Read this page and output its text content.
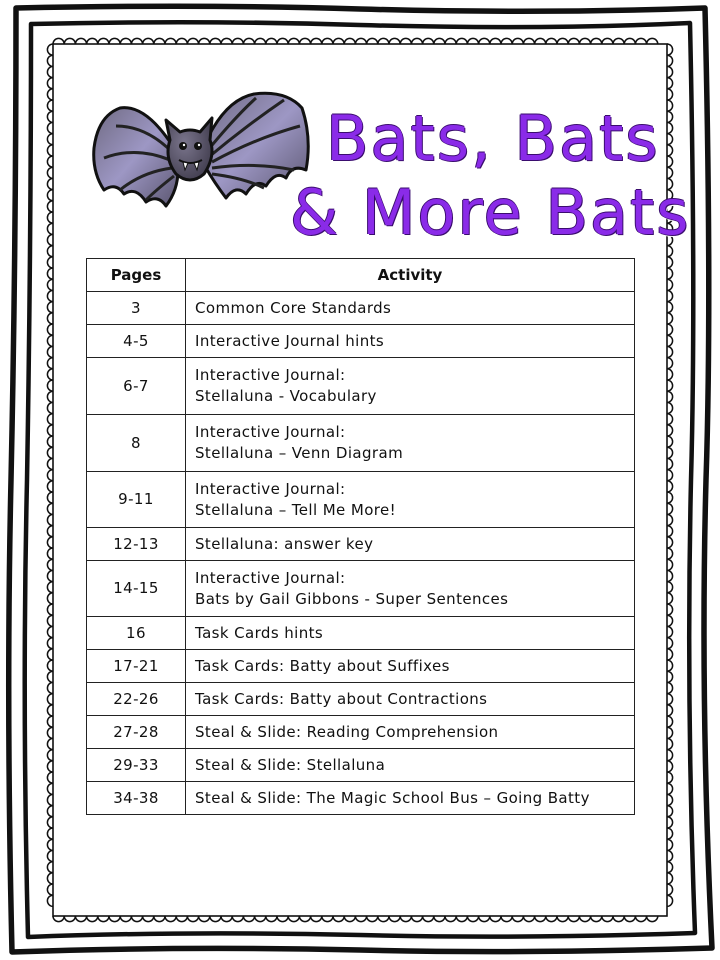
Bats, Bats
& More Bats
Pages	Activity
3	Common Core Standards

4-5	Interactive Journal hints

6-7	Interactive Journal:
Stellaluna - Vocabulary

8	Interactive Journal:
Stellaluna – Venn Diagram

9-11	Interactive Journal:
Stellaluna – Tell Me More!

12-13	Stellaluna: answer key

14-15	Interactive Journal:
Bats by Gail Gibbons - Super Sentences

16	Task Cards hints

17-21	Task Cards: Batty about Suffixes

22-26	Task Cards: Batty about Contractions

27-28	Steal & Slide: Reading Comprehension

29-33	Steal & Slide: Stellaluna

34-38	Steal & Slide: The Magic School Bus – Going Batty
